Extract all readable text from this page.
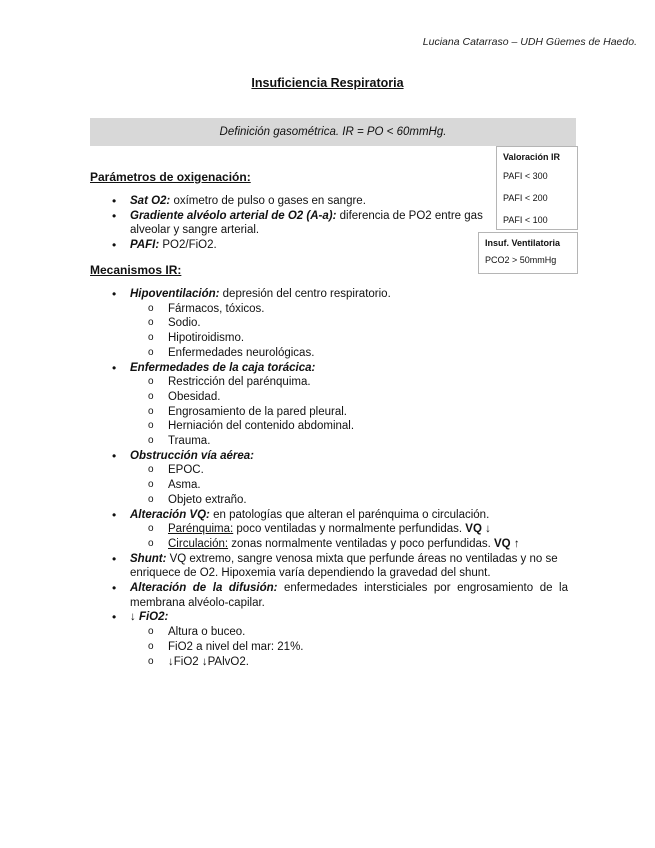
Luciana Catarraso – UDH Güemes de Haedo.
Insuficiencia Respiratoria
Definición gasométrica. IR = PO < 60mmHg.
Valoración IR
PAFI < 300
PAFI < 200
PAFI < 100
Insuf. Ventilatoria
PCO2 > 50mmHg
Parámetros de oxigenación:
• Sat O2: oxímetro de pulso o gases en sangre.
• Gradiente alvéolo arterial de O2 (A-a): diferencia de PO2 entre gas alveolar y sangre arterial.
• PAFI: PO2/FiO2.
Mecanismos IR:
• Hipoventilación: depresión del centro respiratorio.
o Fármacos, tóxicos.
o Sodio.
o Hipotiroidismo.
o Enfermedades neurológicas.
• Enfermedades de la caja torácica:
o Restricción del parénquima.
o Obesidad.
o Engrosamiento de la pared pleural.
o Herniación del contenido abdominal.
o Trauma.
• Obstrucción vía aérea:
o EPOC.
o Asma.
o Objeto extraño.
• Alteración VQ: en patologías que alteran el parénquima o circulación.
o Parénquima: poco ventiladas y normalmente perfundidas. VQ ↓
o Circulación: zonas normalmente ventiladas y poco perfundidas. VQ ↑
• Shunt: VQ extremo, sangre venosa mixta que perfunde áreas no ventiladas y no se enriquece de O2. Hipoxemia varía dependiendo la gravedad del shunt.
• Alteración de la difusión: enfermedades intersticiales por engrosamiento de la membrana alvéolo-capilar.
• ↓ FiO2:
o Altura o buceo.
o FiO2 a nivel del mar: 21%.
o ↓FiO2 ↓PAlvO2.
